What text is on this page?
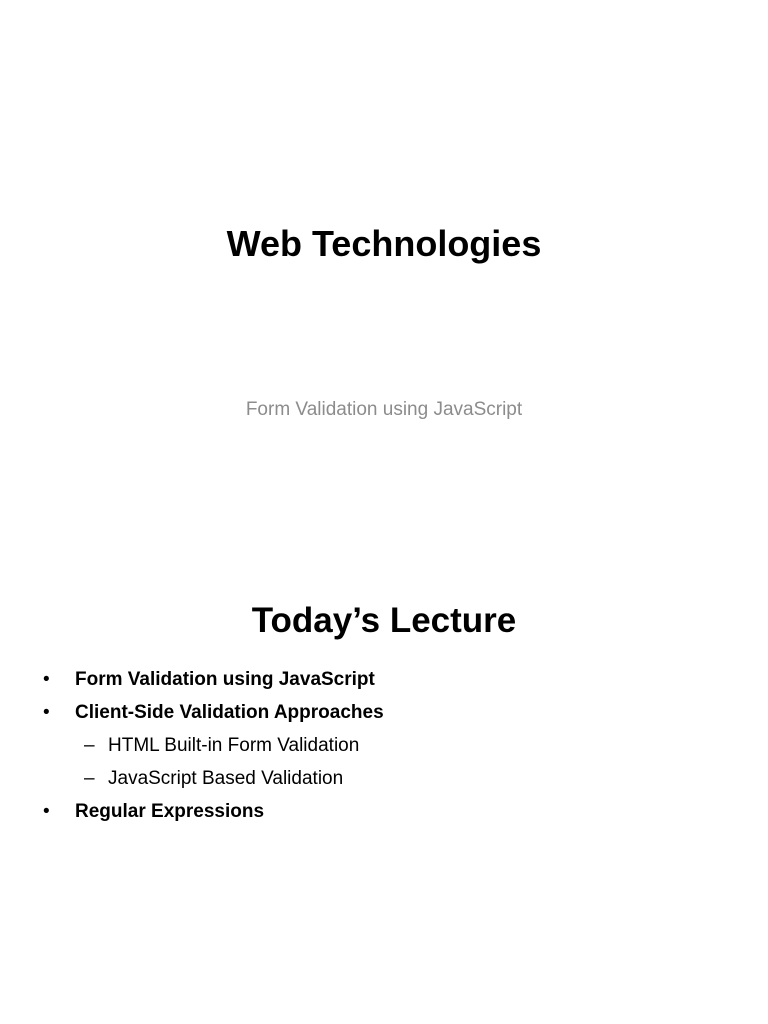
Web Technologies
Form Validation using JavaScript
Today’s Lecture
• Form Validation using JavaScript
• Client-Side Validation Approaches
– HTML Built-in Form Validation
– JavaScript Based Validation
• Regular Expressions
